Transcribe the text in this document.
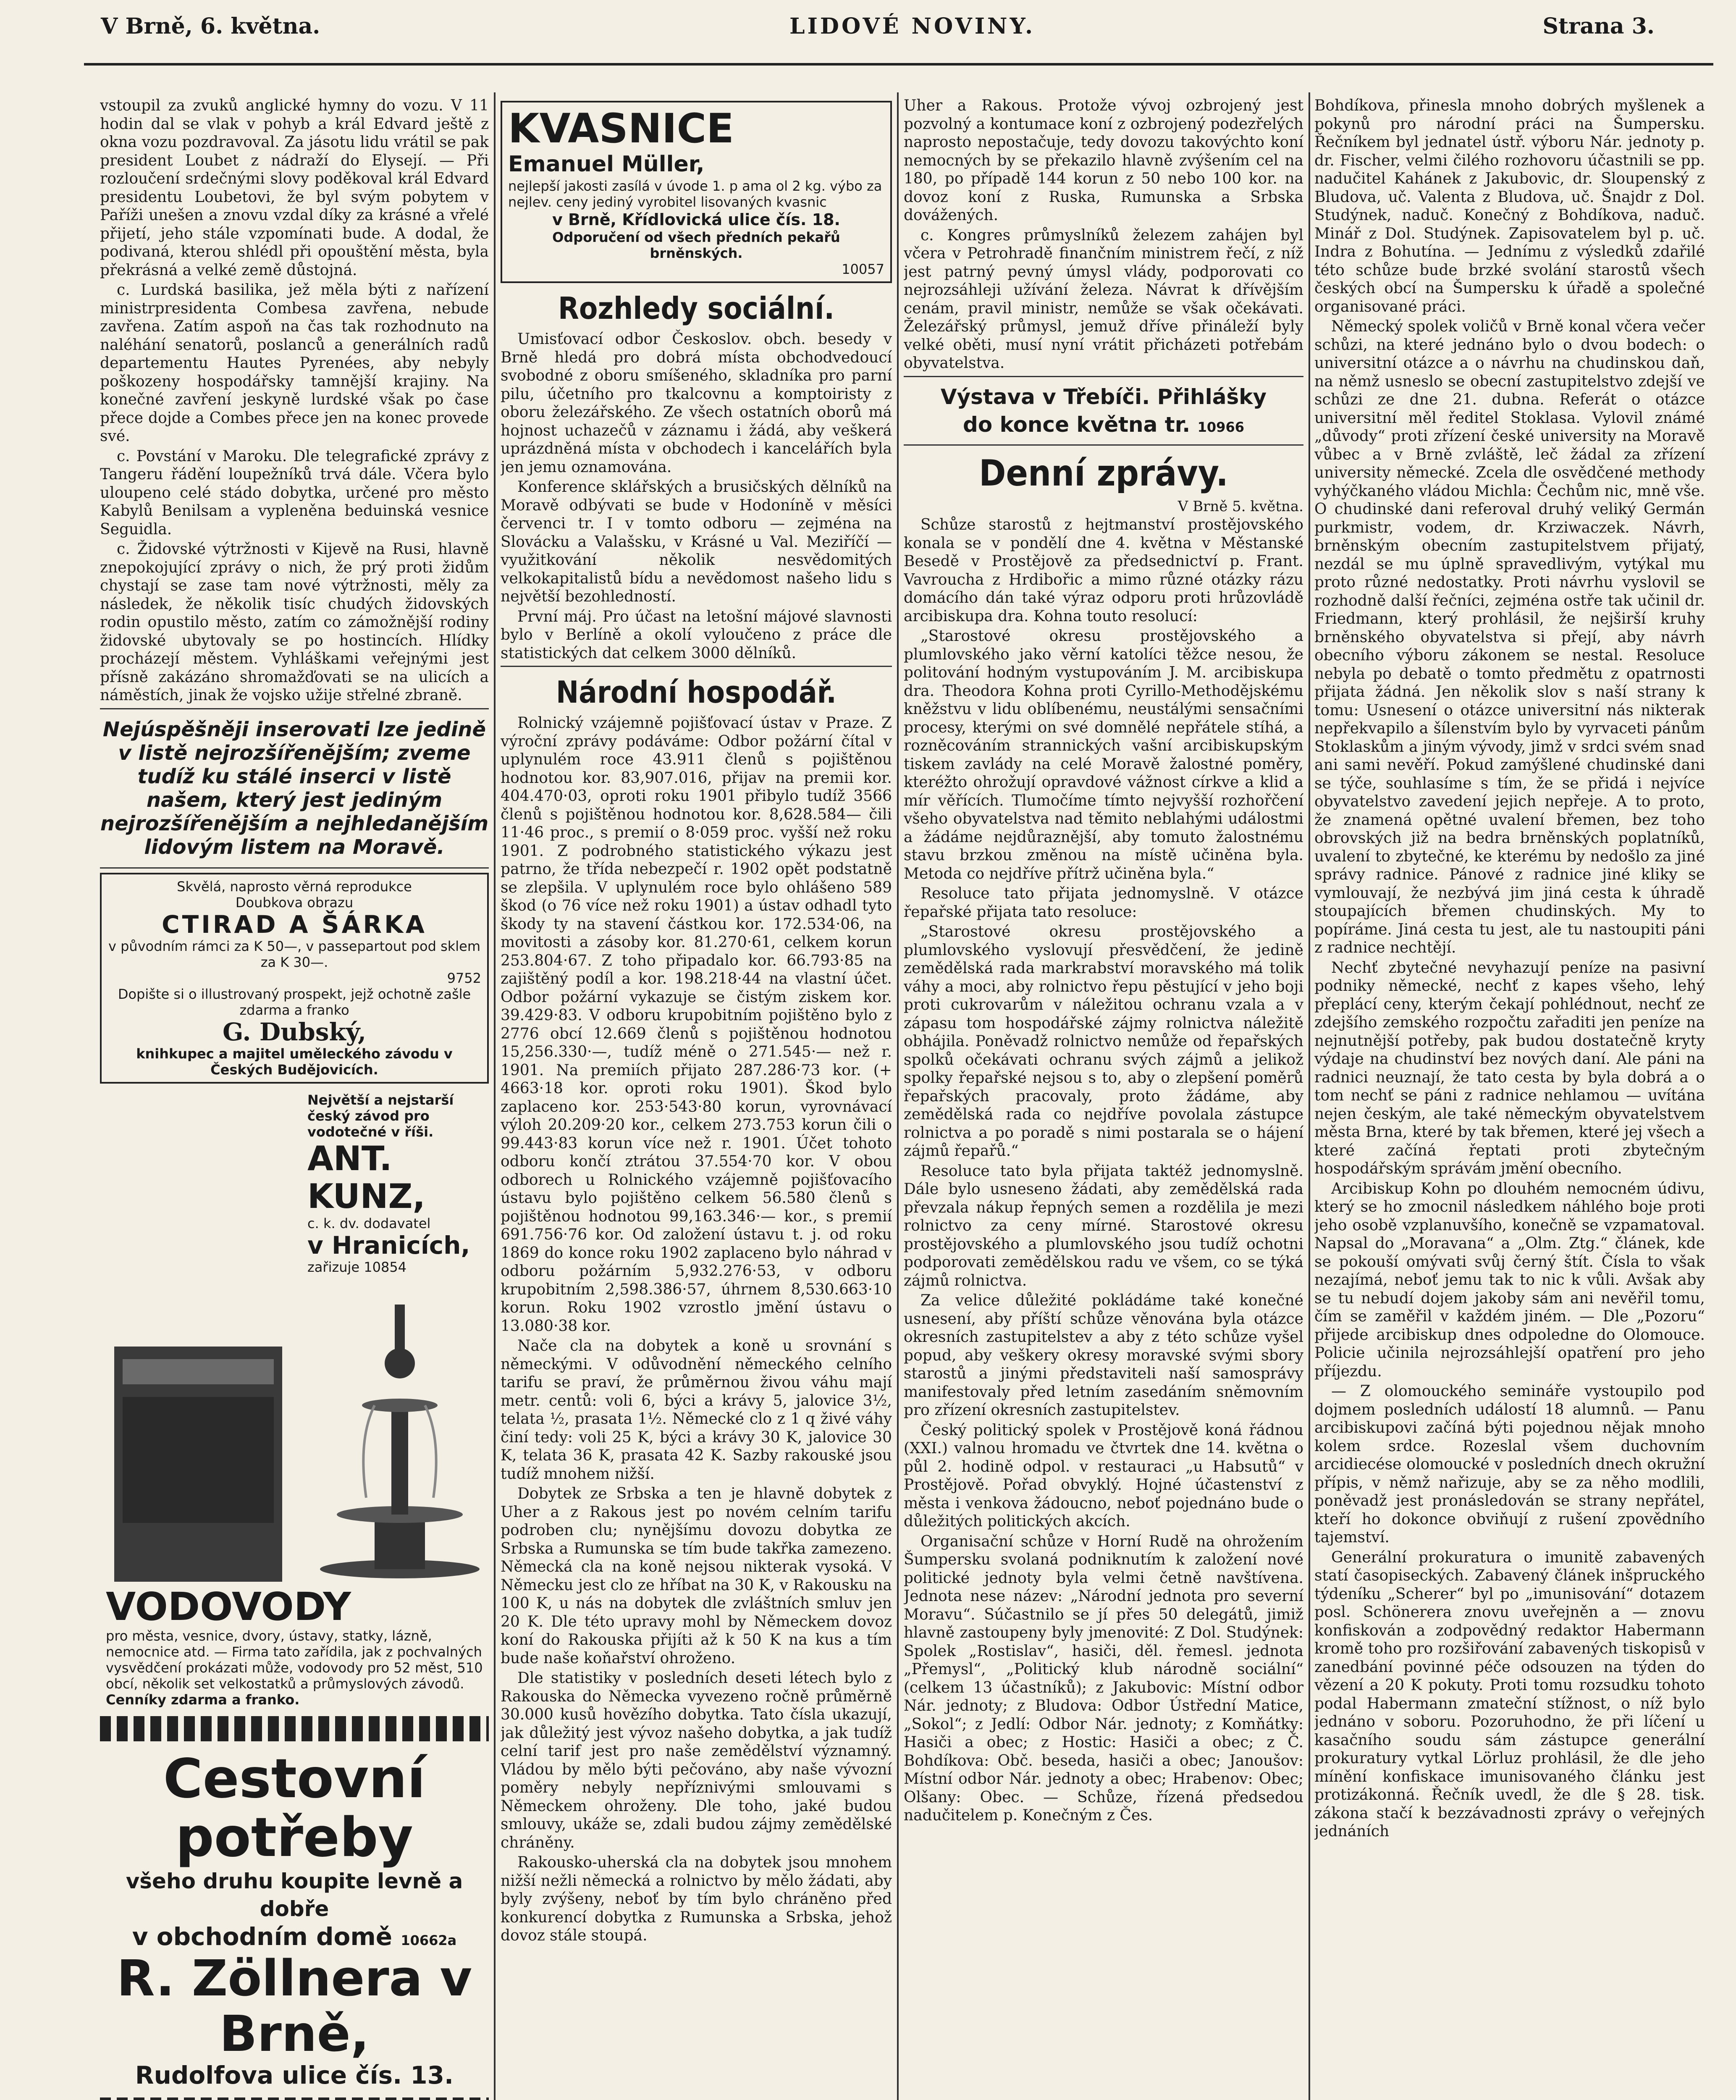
V Brně, 6. května.	LIDOVÉ NOVINY.	Strana 3.

vstoupil za zvuků anglické hymny do vozu. V 11 hodin dal se vlak v pohyb a král Edvard ještě z okna vozu pozdravoval. Za jásotu lidu vrátil se pak president Loubet z nádraží do Elysejí. — Při rozloučení srdečnými slovy poděkoval král Edvard presidentu Loubetovi, že byl svým pobytem v Paříži unešen a znovu vzdal díky za krásné a vřelé přijetí, jeho stále vzpomínati bude. A dodal, že podivaná, kterou shlédl při opouštění města, byla překrásná a velké země důstojná.

c. Lurdská basilika, jež měla býti z nařízení ministrpresidenta Combesa zavřena, nebude zavřena. Zatím aspoň na čas tak rozhodnuto na naléhání senatorů, poslanců a generálních radů departementu Hautes Pyrenées, aby nebyly poškozeny hospodářsky tamnější krajiny. Na konečné zavření jeskyně lurdské však po čase přece dojde a Combes přece jen na konec provede své.

c. Povstání v Maroku. Dle telegrafické zprávy z Tangeru řádění loupežníků trvá dále. Včera bylo uloupeno celé stádo dobytka, určené pro město Kabylů Benilsam a vypleněna beduinská vesnice Seguidla.

c. Židovské výtržnosti v Kijevě na Rusi, hlavně znepokojující zprávy o nich, že prý proti židům chystají se zase tam nové výtržnosti, měly za následek, že několik tisíc chudých židovských rodin opustilo město, zatím co zámožnější rodiny židovské ubytovaly se po hostincích. Hlídky procházejí městem. Vyhláškami veřejnými jest přísně zakázáno shromažďovati se na ulicích a náměstích, jinak že vojsko užije střelné zbraně.

Nejúspěšněji inserovati lze jedině v listě nejrozšířenějším; zveme tudíž ku stálé inserci v listě našem, který jest jediným nejrozšířenějším a nejhledanějším lidovým listem na Moravě.
Skvělá, naprosto věrná reprodukce
Doubkova obrazu
CTIRAD A ŠÁRKA
v původním rámci za K 50—, v passepartout pod sklem za K 30—.
9752
Dopište si o illustrovaný prospekt, jejž ochotně zašle zdarma a franko
G. Dubský,
knihkupec a majitel uměleckého závodu v Českých Budějovicích.
Největší a nejstarší český závod pro vodotečné v říši.
ANT. KUNZ,
c. k. dv. dodavatel
v Hranicích,
zařizuje 10854
VODOVODY
pro města, vesnice, dvory, ústavy, statky, lázně, nemocnice atd. — Firma tato zařídila, jak z pochvalných vysvědčení prokázati může, vodovody pro 52 měst, 510 obcí, několik set velkostatků a průmyslových závodů.
Cenníky zdarma a franko.
Cestovní potřeby
všeho druhu koupite levně a dobře
v obchodním domě 10662a
R. Zöllnera v Brně,
Rudolfova ulice čís. 13.
KVASNICE
Emanuel Müller,
nejlepší jakosti zasílá v úvode 1. p ama ol 2 kg. výbo za nejlev. ceny jediný vyrobitel lisovaných kvasnic
v Brně, Křídlovická ulice čís. 18.
Odporučení od všech předních pekařů brněnských.
10057
Rozhledy sociální.

Umisťovací odbor Českoslov. obch. besedy v Brně hledá pro dobrá místa obchodvedoucí svobodné z oboru smíšeného, skladníka pro parní pilu, účetního pro tkalcovnu a komptoiristy z oboru železářského. Ze všech ostatních oborů má hojnost uchazečů v záznamu i žádá, aby veškerá uprázdněná místa v obchodech i kancelářích byla jen jemu oznamována.

Konference sklářských a brusičských dělníků na Moravě odbývati se bude v Hodoníně v měsíci červenci tr. I v tomto odboru — zejména na Slovácku a Valašsku, v Krásné u Val. Meziříčí — využitkování několik nesvědomitých velkokapitalistů bídu a nevědomost našeho lidu s největší bezohledností.

První máj. Pro účast na letošní májové slavnosti bylo v Berlíně a okolí vyloučeno z práce dle statistických dat celkem 3000 dělníků.

Národní hospodář.

Rolnický vzájemně pojišťovací ústav v Praze. Z výroční zprávy podáváme: Odbor požární čítal v uplynulém roce 43.911 členů s pojištěnou hodnotou kor. 83,907.016, přijav na premii kor. 404.470·03, oproti roku 1901 přibylo tudíž 3566 členů s pojištěnou hodnotou kor. 8,628.584— čili 11·46 proc., s premií o 8·059 proc. vyšší než roku 1901. Z podrobného statistického výkazu jest patrno, že třída nebezpečí r. 1902 opět podstatně se zlepšila. V uplynulém roce bylo ohlášeno 589 škod (o 76 více než roku 1901) a ústav odhadl tyto škody ty na stavení částkou kor. 172.534·06, na movitosti a zásoby kor. 81.270·61, celkem korun 253.804·67. Z toho připadalo kor. 66.793·85 na zajištěný podíl a kor. 198.218·44 na vlastní účet. Odbor požární vykazuje se čistým ziskem kor. 39.429·83. V odboru krupobitním pojištěno bylo z 2776 obcí 12.669 členů s pojištěnou hodnotou 15,256.330·—, tudíž méně o 271.545·— než r. 1901. Na premiích přijato 287.286·73 kor. (+ 4663·18 kor. oproti roku 1901). Škod bylo zaplaceno kor. 253·543·80 korun, vyrovnávací výloh 20.209·20 kor., celkem 273.753 korun čili o 99.443·83 korun více než r. 1901. Účet tohoto odboru končí ztrátou 37.554·70 kor. V obou odborech u Rolnického vzájemně pojišťovacího ústavu bylo pojištěno celkem 56.580 členů s pojištěnou hodnotou 99,163.346·— kor., s premií 691.756·76 kor. Od založení ústavu t. j. od roku 1869 do konce roku 1902 zaplaceno bylo náhrad v odboru požárním 5,932.276·53, v odboru krupobitním 2,598.386·57, úhrnem 8,530.663·10 korun. Roku 1902 vzrostlo jmění ústavu o 13.080·38 kor.

Nače cla na dobytek a koně u srovnání s německými. V odůvodnění německého celního tarifu se praví, že průměrnou živou váhu mají metr. centů: voli 6, býci a krávy 5, jalovice 3½, telata ½, prasata 1½. Německé clo z 1 q živé váhy činí tedy: voli 25 K, býci a krávy 30 K, jalovice 30 K, telata 36 K, prasata 42 K. Sazby rakouské jsou tudíž mnohem nižší.

Dobytek ze Srbska a ten je hlavně dobytek z Uher a z Rakous jest po novém celním tarifu podroben clu; nynějšímu dovozu dobytka ze Srbska a Rumunska se tím bude takřka zamezeno. Německá cla na koně nejsou nikterak vysoká. V Německu jest clo ze hříbat na 30 K, v Rakousku na 100 K, u nás na dobytek dle zvláštních smluv jen 20 K. Dle této upravy mohl by Německem dovoz koní do Rakouska přijíti až k 50 K na kus a tím bude naše koňařství ohroženo.

Dle statistiky v posledních deseti létech bylo z Rakouska do Německa vyvezeno ročně průměrně 30.000 kusů hovězího dobytka. Tato čísla ukazují, jak důležitý jest vývoz našeho dobytka, a jak tudíž celní tarif jest pro naše zemědělství významný. Vládou by mělo býti pečováno, aby naše vývozní poměry nebyly nepříznivými smlouvami s Německem ohroženy. Dle toho, jaké budou smlouvy, ukáže se, zdali budou zájmy zemědělské chráněny.

Rakousko-uherská cla na dobytek jsou mnohem nižší nežli německá a rolnictvo by mělo žádati, aby byly zvýšeny, neboť by tím bylo chráněno před konkurencí dobytka z Rumunska a Srbska, jehož dovoz stále stoupá.

Uher a Rakous. Protože vývoj ozbrojený jest pozvolný a kontumace koní z ozbrojený podezřelých naprosto nepostačuje, tedy dovozu takovýchto koní nemocných by se překazilo hlavně zvýšením cel na 180, po případě 144 korun z 50 nebo 100 kor. na dovoz koní z Ruska, Rumunska a Srbska dovážených.

c. Kongres průmyslníků železem zahájen byl včera v Petrohradě finančním ministrem řečí, z níž jest patrný pevný úmysl vlády, podporovati co nejrozsáhleji užívání železa. Návrat k dřívějším cenám, pravil ministr, nemůže se však očekávati. Železářský průmysl, jemuž dříve přináleží byly velké oběti, musí nyní vrátit přicházeti potřebám obyvatelstva.

Výstava v Třebíči. Přihlášky
do konce května tr. 10966
Denní zprávy.
V Brně 5. května.

Schůze starostů z hejtmanství prostějovského konala se v pondělí dne 4. května v Městanské Besedě v Prostějově za předsednictví p. Frant. Vavroucha z Hrdibořic a mimo různé otázky rázu domácího dán také výraz odporu proti hrůzovládě arcibiskupa dra. Kohna touto resolucí:

„Starostové okresu prostějovského a plumlovského jako věrní katolíci těžce nesou, že politování hodným vystupováním J. M. arcibiskupa dra. Theodora Kohna proti Cyrillo-Methodějskému kněžstvu v lidu oblíbenému, neustálými sensačními procesy, kterými on své domnělé nepřátele stíhá, a rozněcováním strannických vašní arcibiskupským tiskem zavlády na celé Moravě žalostné poměry, kteréžto ohrožují opravdové vážnost církve a klid a mír věřících. Tlumočíme tímto nejvyšší rozhořčení všeho obyvatelstva nad těmito neblahými událostmi a žádáme nejdůraznější, aby tomuto žalostnému stavu brzkou změnou na místě učiněna byla. Metoda co nejdříve přítrž učiněna byla.“

Resoluce tato přijata jednomyslně. V otázce řepařské přijata tato resoluce:

„Starostové okresu prostějovského a plumlovského vyslovují přesvědčení, že jedině zemědělská rada markrabství moravského má tolik váhy a moci, aby rolnictvo řepu pěstující v jeho boji proti cukrovarům v náležitou ochranu vzala a v zápasu tom hospodářské zájmy rolnictva náležitě obhájila. Poněvadž rolnictvo nemůže od řepařských spolků očekávati ochranu svých zájmů a jelikož spolky řepařské nejsou s to, aby o zlepšení poměrů řepařských pracovaly, proto žádáme, aby zemědělská rada co nejdříve povolala zástupce rolnictva a po poradě s nimi postarala se o hájení zájmů řepařů.“

Resoluce tato byla přijata taktéž jednomyslně. Dále bylo usneseno žádati, aby zemědělská rada převzala nákup řepných semen a rozdělila je mezi rolnictvo za ceny mírné. Starostové okresu prostějovského a plumlovského jsou tudíž ochotni podporovati zemědělskou radu ve všem, co se týká zájmů rolnictva.

Za velice důležité pokládáme také konečné usnesení, aby příští schůze věnována byla otázce okresních zastupitelstev a aby z této schůze vyšel popud, aby veškery okresy moravské svými sbory starostů a jinými představiteli naší samosprávy manifestovaly před letním zasedáním sněmovním pro zřízení okresních zastupitelstev.

Český politický spolek v Prostějově koná řádnou (XXI.) valnou hromadu ve čtvrtek dne 14. května o půl 2. hodině odpol. v restauraci „u Habsutů“ v Prostějově. Pořad obvyklý. Hojné účastenství z města i venkova žádoucno, neboť pojednáno bude o důležitých politických akcích.

Organisační schůze v Horní Rudě na ohrožením Šumpersku svolaná podniknutím k založení nové politické jednoty byla velmi četně navštívena. Jednota nese název: „Národní jednota pro severní Moravu“. Súčastnilo se jí přes 50 delegátů, jimiž hlavně zastoupeny byly jmenovité: Z Dol. Studýnek: Spolek „Rostislav“, hasiči, děl. řemesl. jednota „Přemysl“, „Politický klub národně sociální“ (celkem 13 účastníků); z Jakubovic: Místní odbor Nár. jednoty; z Bludova: Odbor Ústřední Matice, „Sokol“; z Jedlí: Odbor Nár. jednoty; z Komňátky: Hasiči a obec; z Hostic: Hasiči a obec; z Č. Bohdíkova: Obč. beseda, hasiči a obec; Janoušov: Místní odbor Nár. jednoty a obec; Hrabenov: Obec; Olšany: Obec. — Schůze, řízená předsedou nadučitelem p. Konečným z Čes.

Bohdíkova, přinesla mnoho dobrých myšlenek a pokynů pro národní práci na Šumpersku. Řečníkem byl jednatel ústř. výboru Nár. jednoty p. dr. Fischer, velmi čilého rozhovoru účastnili se pp. nadučitel Kahánek z Jakubovic, dr. Sloupenský z Bludova, uč. Valenta z Bludova, uč. Šnajdr z Dol. Studýnek, naduč. Konečný z Bohdíkova, naduč. Minář z Dol. Studýnek. Zapisovatelem byl p. uč. Indra z Bohutína. — Jednímu z výsledků zdařilé této schůze bude brzké svolání starostů všech českých obcí na Šumpersku k úřadě a společné organisované práci.

Německý spolek voličů v Brně konal včera večer schůzi, na které jednáno bylo o dvou bodech: o universitní otázce a o návrhu na chudinskou daň, na němž usneslo se obecní zastupitelstvo zdejší ve schůzi ze dne 21. dubna. Referát o otázce universitní měl ředitel Stoklasa. Vylovil známé „důvody“ proti zřízení české university na Moravě vůbec a v Brně zvláště, leč žádal za zřízení university německé. Zcela dle osvědčené methody vyhýčkaného vládou Michla: Čechům nic, mně vše. O chudinské dani referoval druhý veliký Germán purkmistr, vodem, dr. Krziwaczek. Návrh, brněnským obecním zastupitelstvem přijatý, nezdál se mu úplně spravedlivým, vytýkal mu proto různé nedostatky. Proti návrhu vyslovil se rozhodně další řečníci, zejména ostře tak učinil dr. Friedmann, který prohlásil, že nejširší kruhy brněnského obyvatelstva si přejí, aby návrh obecního výboru zákonem se nestal. Resoluce nebyla po debatě o tomto předmětu z opatrnosti přijata žádná. Jen několik slov s naší strany k tomu: Usnesení o otázce universitní nás nikterak nepřekvapilo a šílenstvím bylo by vyrvaceti pánům Stoklaskům a jiným vývody, jimž v srdci svém snad ani sami nevěří. Pokud zamýšlené chudinské dani se týče, souhlasíme s tím, že se přidá i nejvíce obyvatelstvo zavedení jejich nepřeje. A to proto, že znamená opětné uvalení břemen, bez toho obrovských již na bedra brněnských poplatníků, uvalení to zbytečné, ke kterému by nedošlo za jiné správy radnice. Pánové z radnice jiné kliky se vymlouvají, že nezbývá jim jiná cesta k úhradě stoupajících břemen chudinských. My to popíráme. Jiná cesta tu jest, ale tu nastoupiti páni z radnice nechtějí.

Nechť zbytečné nevyhazují peníze na pasivní podniky německé, nechť z kapes všeho, lehý přeplácí ceny, kterým čekají pohlédnout, nechť ze zdejšího zemského rozpočtu zařaditi jen peníze na nejnutnější potřeby, pak budou dostatečně kryty výdaje na chudinství bez nových daní. Ale páni na radnici neuznají, že tato cesta by byla dobrá a o tom nechť se páni z radnice nehlamou — uvítána nejen českým, ale také německým obyvatelstvem města Brna, které by tak břemen, které jej všech a které začíná řeptati proti zbytečným hospodářským správám jmění obecního.

Arcibiskup Kohn po dlouhém nemocném údivu, který se ho zmocnil následkem náhlého boje proti jeho osobě vzplanuvšího, konečně se vzpamatoval. Napsal do „Moravana“ a „Olm. Ztg.“ článek, kde se pokouší omývati svůj černý štít. Čísla to však nezajímá, neboť jemu tak to nic k vůli. Avšak aby se tu nebudí dojem jakoby sám ani nevěřil tomu, čím se zaměřil v každém jiném. — Dle „Pozoru“ přijede arcibiskup dnes odpoledne do Olomouce. Policie učinila nejrozsáhlejší opatření pro jeho příjezdu.

— Z olomouckého semináře vystoupilo pod dojmem posledních událostí 18 alumnů. — Panu arcibiskupovi začíná býti pojednou nějak mnoho kolem srdce. Rozeslal všem duchovním arcidiecése olomoucké v posledních dnech okružní přípis, v němž nařizuje, aby se za něho modlili, poněvadž jest pronásledován se strany nepřátel, kteří ho dokonce obviňují z rušení zpovědního tajemství.

Generální prokuratura o imunitě zabavených statí časopiseckých. Zabavený článek inšpruckého týdeníku „Scherer“ byl po „imunisování“ dotazem posl. Schönerera znovu uveřejněn a — znovu konfiskován a zodpovědný redaktor Habermann kromě toho pro rozšiřování zabavených tiskopisů v zanedbání povinné péče odsouzen na týden do vězení a 20 K pokuty. Proti tomu rozsudku tohoto podal Habermann zmateční stížnost, o níž bylo jednáno v soboru. Pozoruhodno, že při líčení u kasačního soudu sám zástupce generální prokuratury vytkal Lörluz prohlásil, že dle jeho mínění konfiskace imunisovaného článku jest protizákonná. Řečník uvedl, že dle § 28. tisk. zákona stačí k bezzávadnosti zprávy o veřejných jednáních
